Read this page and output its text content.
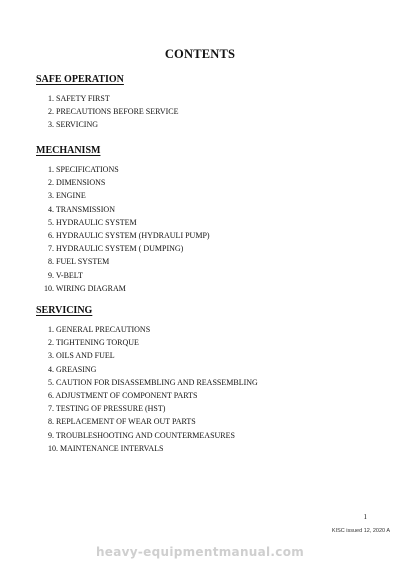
CONTENTS
SAFE OPERATION
1. SAFETY FIRST
2. PRECAUTIONS BEFORE SERVICE
3. SERVICING
MECHANISM
1. SPECIFICATIONS
2. DIMENSIONS
3. ENGINE
4. TRANSMISSION
5. HYDRAULIC SYSTEM
6. HYDRAULIC SYSTEM (HYDRAULI PUMP)
7. HYDRAULIC SYSTEM ( DUMPING)
8. FUEL SYSTEM
9. V-BELT
10. WIRING DIAGRAM
SERVICING
1. GENERAL PRECAUTIONS
2. TIGHTENING TORQUE
3. OILS AND FUEL
4. GREASING
5. CAUTION FOR DISASSEMBLING AND REASSEMBLING
6. ADJUSTMENT OF COMPONENT PARTS
7. TESTING OF PRESSURE (HST)
8. REPLACEMENT OF WEAR OUT PARTS
9. TROUBLESHOOTING AND COUNTERMEASURES
10. MAINTENANCE INTERVALS
1
KISC issued 12, 2020 A
heavy-equipmentmanual.com
